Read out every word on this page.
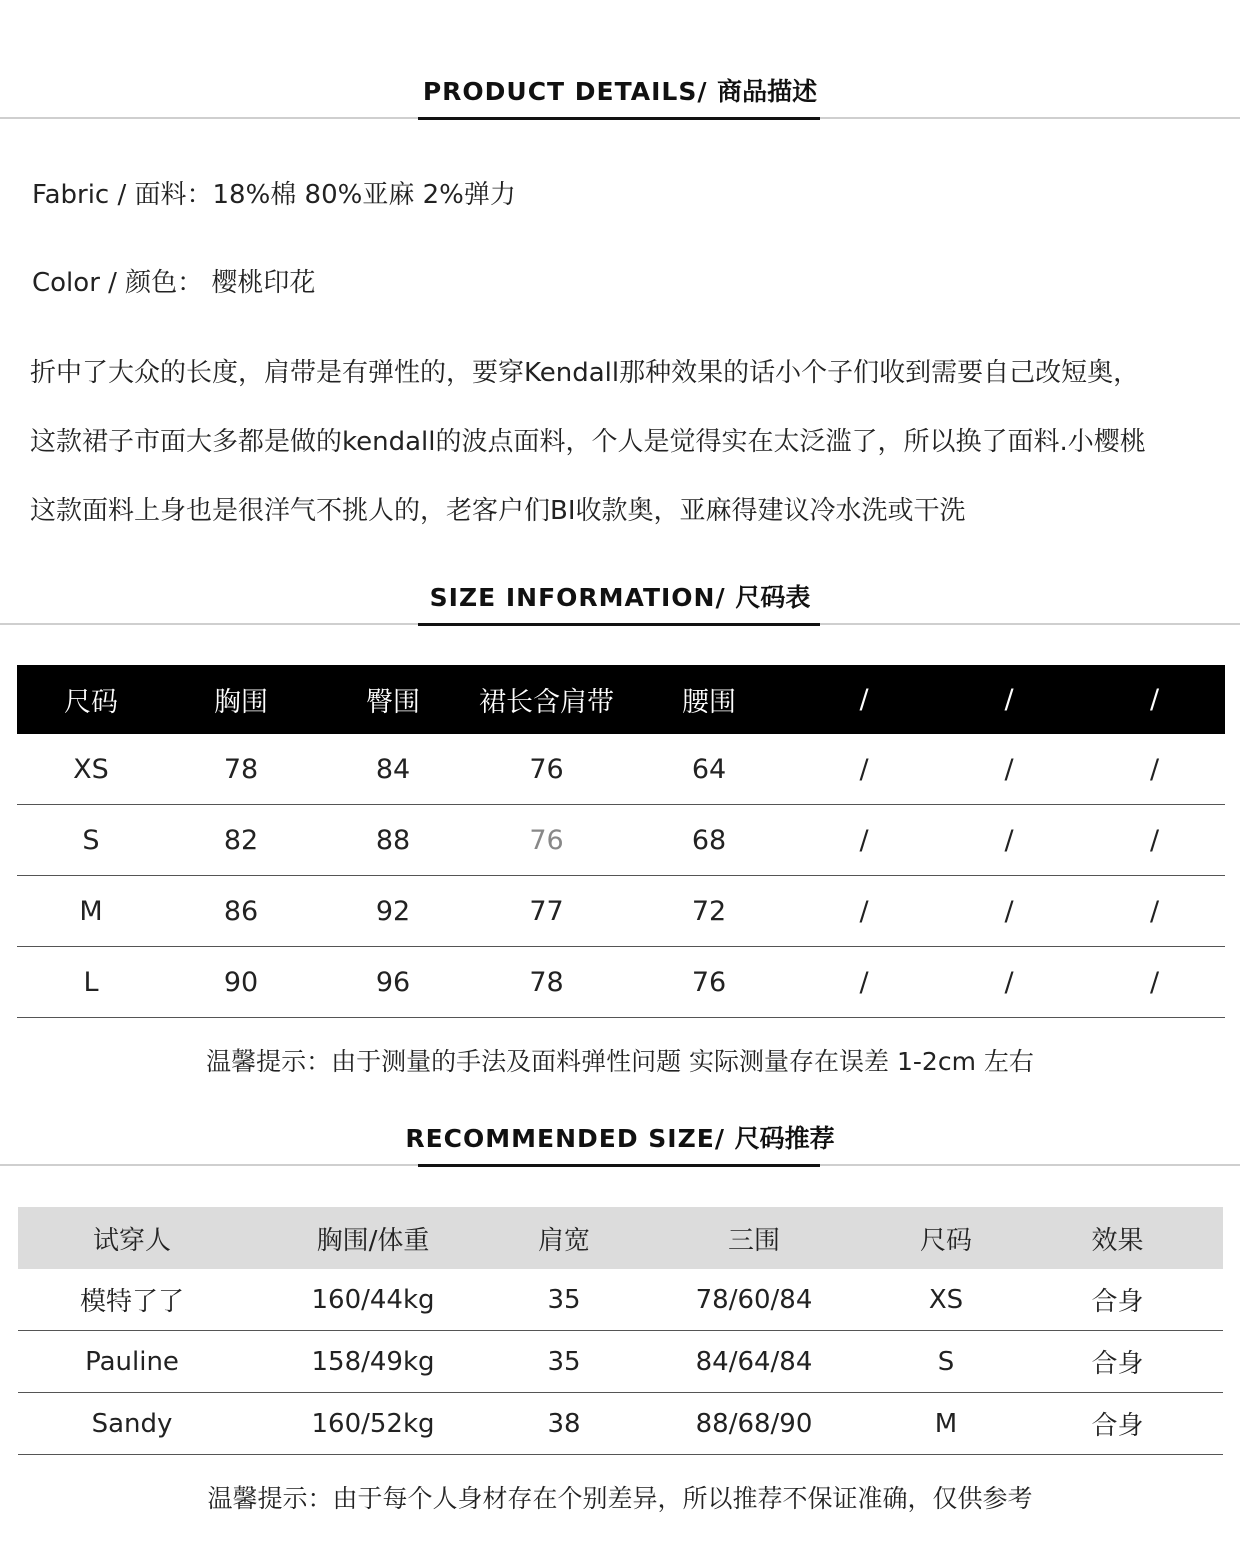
PRODUCT DETAILS/ 商品描述
Fabric / 面料：18%棉 80%亚麻 2%弹力
Color / 颜色： 樱桃印花
折中了大众的长度，肩带是有弹性的，要穿Kendall那种效果的话小个子们收到需要自己改短奥，
这款裙子市面大多都是做的kendall的波点面料，个人是觉得实在太泛滥了，所以换了面料.小樱桃
这款面料上身也是很洋气不挑人的，老客户们BI收款奥，亚麻得建议冷水洗或干洗
SIZE INFORMATION/ 尺码表
尺码	胸围	臀围	裙长含肩带	腰围	/	/	/
XS	78	84	76	64	/	/	/
S	82	88	76	68	/	/	/
M	86	92	77	72	/	/	/
L	90	96	78	76	/	/	/
温馨提示：由于测量的手法及面料弹性问题 实际测量存在误差 1-2cm 左右
RECOMMENDED SIZE/ 尺码推荐
试穿人	胸围/体重	肩宽	三围	尺码	效果
模特了了	160/44kg	35	78/60/84	XS	合身
Pauline	158/49kg	35	84/64/84	S	合身
Sandy	160/52kg	38	88/68/90	M	合身
温馨提示：由于每个人身材存在个别差异，所以推荐不保证准确，仅供参考
